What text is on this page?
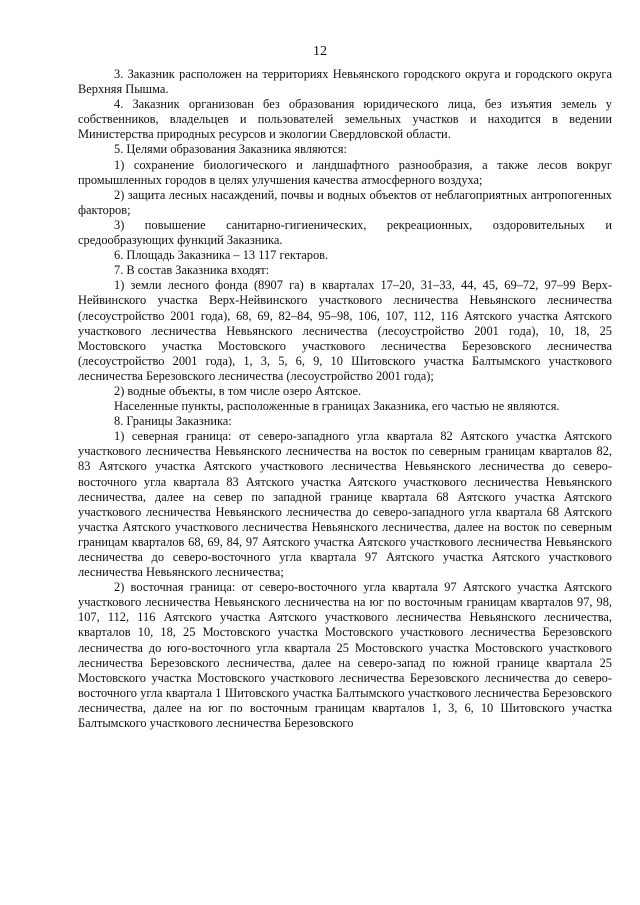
12

3. Заказник расположен на территориях Невьянского городского округа и городского округа Верхняя Пышма.

4. Заказник организован без образования юридического лица, без изъятия земель у собственников, владельцев и пользователей земельных участков и находится в ведении Министерства природных ресурсов и экологии Свердловской области.

5. Целями образования Заказника являются:

1) сохранение биологического и ландшафтного разнообразия, а также лесов вокруг промышленных городов в целях улучшения качества атмосферного воздуха;

2) защита лесных насаждений, почвы и водных объектов от неблагоприятных антропогенных факторов;

3) повышение санитарно-гигиенических, рекреационных, оздоровительных и средообразующих функций Заказника.

6. Площадь Заказника – 13 117 гектаров.

7. В состав Заказника входят:

1) земли лесного фонда (8907 га) в кварталах 17–20, 31–33, 44, 45, 69–72, 97–99 Верх-Нейвинского участка Верх-Нейвинского участкового лесничества Невьянского лесничества (лесоустройство 2001 года), 68, 69, 82–84, 95–98, 106, 107, 112, 116 Аятского участка Аятского участкового лесничества Невьянского лесничества (лесоустройство 2001 года), 10, 18, 25 Мостовского участка Мостовского участкового лесничества Березовского лесничества (лесоустройство 2001 года), 1, 3, 5, 6, 9, 10 Шитовского участка Балтымского участкового лесничества Березовского лесничества (лесоустройство 2001 года);

2) водные объекты, в том числе озеро Аятское.

Населенные пункты, расположенные в границах Заказника, его частью не являются.

8. Границы Заказника:

1) северная граница: от северо-западного угла квартала 82 Аятского участка Аятского участкового лесничества Невьянского лесничества на восток по северным границам кварталов 82, 83 Аятского участка Аятского участкового лесничества Невьянского лесничества до северо-восточного угла квартала 83 Аятского участка Аятского участкового лесничества Невьянского лесничества, далее на север по западной границе квартала 68 Аятского участка Аятского участкового лесничества Невьянского лесничества до северо-западного угла квартала 68 Аятского участка Аятского участкового лесничества Невьянского лесничества, далее на восток по северным границам кварталов 68, 69, 84, 97 Аятского участка Аятского участкового лесничества Невьянского лесничества до северо-восточного угла квартала 97 Аятского участка Аятского участкового лесничества Невьянского лесничества;

2) восточная граница: от северо-восточного угла квартала 97 Аятского участка Аятского участкового лесничества Невьянского лесничества на юг по восточным границам кварталов 97, 98, 107, 112, 116 Аятского участка Аятского участкового лесничества Невьянского лесничества, кварталов 10, 18, 25 Мостовского участка Мостовского участкового лесничества Березовского лесничества до юго-восточного угла квартала 25 Мостовского участка Мостовского участкового лесничества Березовского лесничества, далее на северо-запад по южной границе квартала 25 Мостовского участка Мостовского участкового лесничества Березовского лесничества до северо-восточного угла квартала 1 Шитовского участка Балтымского участкового лесничества Березовского лесничества, далее на юг по восточным границам кварталов 1, 3, 6, 10 Шитовского участка Балтымского участкового лесничества Березовского
